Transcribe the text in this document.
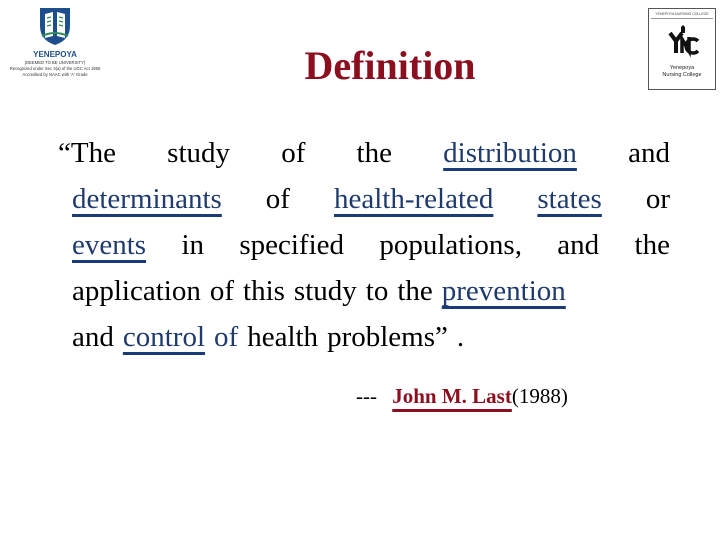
YENEPOYA
(DEEMED TO BE UNIVERSITY)
Recognized under Sec 3(a) of the UGC Act 1956
Accredited by NAAC with 'A' Grade
YENEPOYA NURSING COLLEGE
Yenepoya
Nursing College
Definition
“The study of the distribution and
determinants of health-related states or
events in specified populations, and the
application of this study to the prevention
and control of health problems” .
--- John M. Last(1988)
